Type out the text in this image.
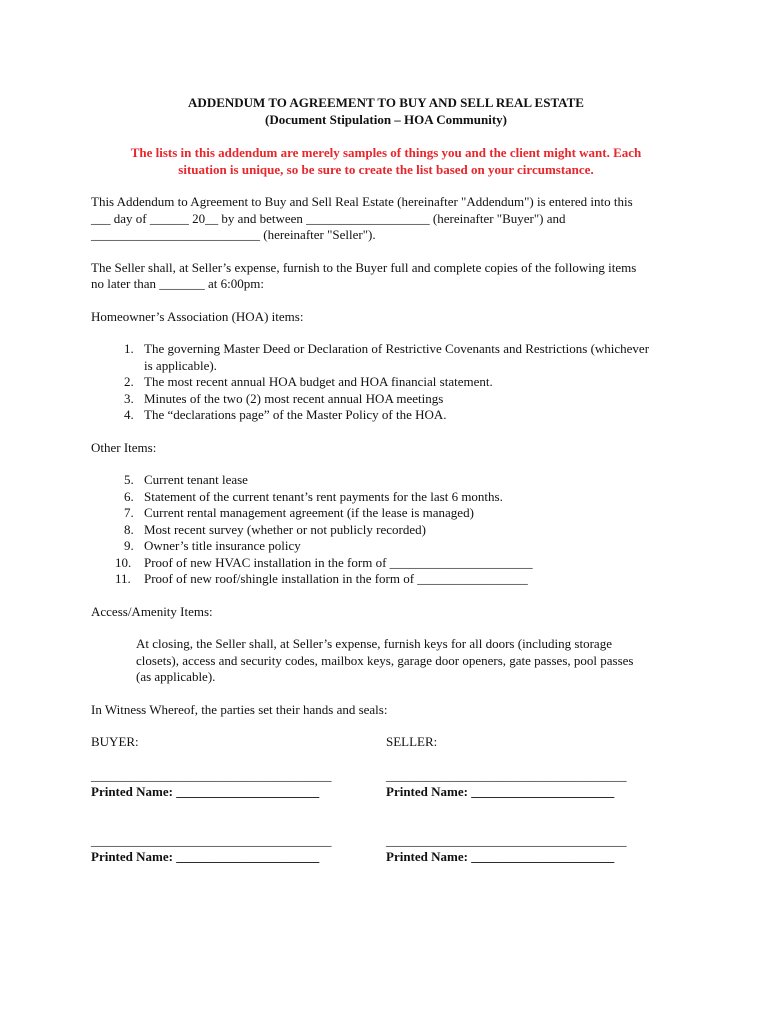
ADDENDUM TO AGREEMENT TO BUY AND SELL REAL ESTATE
(Document Stipulation – HOA Community)
The lists in this addendum are merely samples of things you and the client might want. Each
situation is unique, so be sure to create the list based on your circumstance.
This Addendum to Agreement to Buy and Sell Real Estate (hereinafter "Addendum") is entered into this
___ day of ______ 20__ by and between ___________________ (hereinafter "Buyer") and
__________________________ (hereinafter "Seller").
The Seller shall, at Seller’s expense, furnish to the Buyer full and complete copies of the following items
no later than _______ at 6:00pm:
Homeowner’s Association (HOA) items:
1. The governing Master Deed or Declaration of Restrictive Covenants and Restrictions (whichever
is applicable).
2. The most recent annual HOA budget and HOA financial statement.
3. Minutes of the two (2) most recent annual HOA meetings
4. The “declarations page” of the Master Policy of the HOA.
Other Items:
5. Current tenant lease
6. Statement of the current tenant’s rent payments for the last 6 months.
7. Current rental management agreement (if the lease is managed)
8. Most recent survey (whether or not publicly recorded)
9. Owner’s title insurance policy
10. Proof of new HVAC installation in the form of ______________________
11.	Proof of new roof/shingle installation in the form of _________________
Access/Amenity Items:
At closing, the Seller shall, at Seller’s expense, furnish keys for all doors (including storage
closets), access and security codes, mailbox keys, garage door openers, gate passes, pool passes
(as applicable).
In Witness Whereof, the parties set their hands and seals:
BUYER:	SELLER:
_____________________________________
Printed Name: ______________________
_____________________________________
Printed Name: ______________________
_____________________________________
Printed Name: ______________________
_____________________________________
Printed Name: ______________________
